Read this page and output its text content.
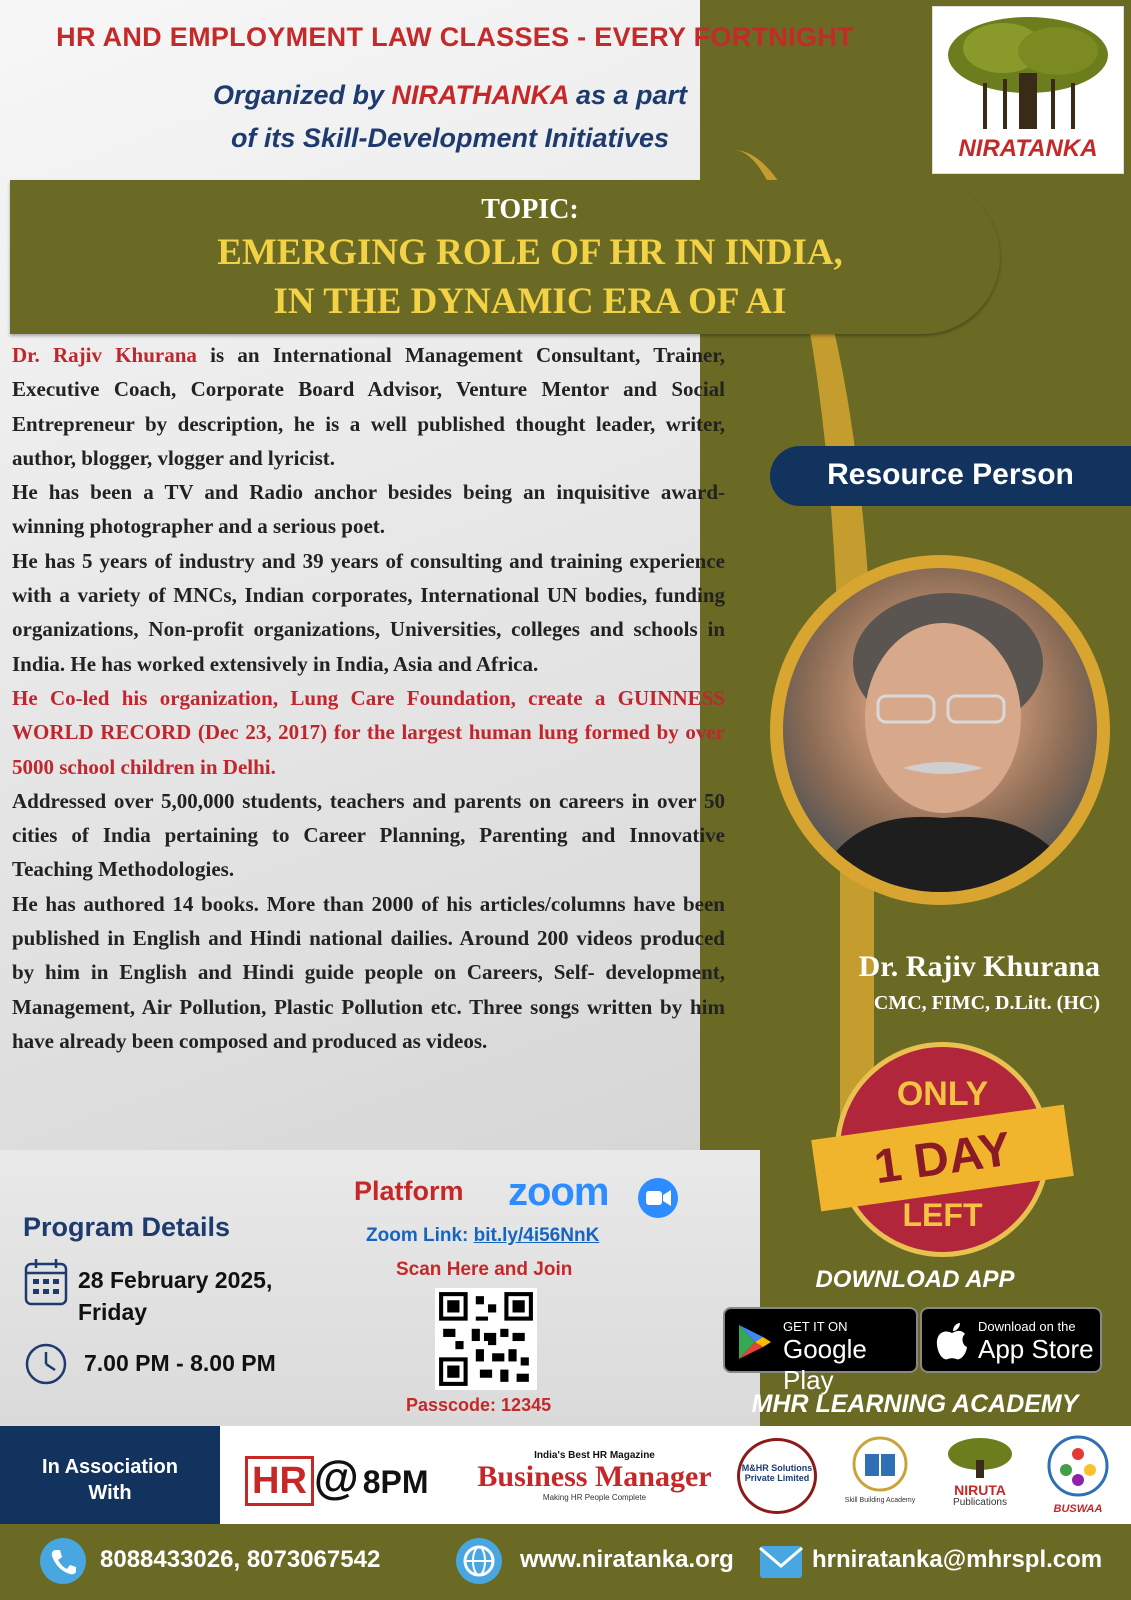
HR AND EMPLOYMENT LAW CLASSES - EVERY FORTNIGHT
Organized by NIRATHANKA as a part
of its Skill-Development Initiatives	NIRATANKA
TOPIC:
EMERGING ROLE OF HR IN INDIA,
IN THE DYNAMIC ERA OF AI

Dr. Rajiv Khurana is an International Management Consultant, Trainer, Executive Coach, Corporate Board Advisor, Venture Mentor and Social Entrepreneur by description, he is a well published thought leader, writer, author, blogger, vlogger and lyricist.

He has been a TV and Radio anchor besides being an inquisitive award-winning photographer and a serious poet.

He has 5 years of industry and 39 years of consulting and training experience with a variety of MNCs, Indian corporates, International UN bodies, funding organizations, Non-profit organizations, Universities, colleges and schools in India. He has worked extensively in India, Asia and Africa.

He Co-led his organization, Lung Care Foundation, create a GUINNESS WORLD RECORD (Dec 23, 2017) for the largest human lung formed by over 5000 school children in Delhi.

Addressed over 5,00,000 students, teachers and parents on careers in over 50 cities of India pertaining to Career Planning, Parenting and Innovative Teaching Methodologies.

He has authored 14 books. More than 2000 of his articles/columns have been published in English and Hindi national dailies. Around 200 videos produced by him in English and Hindi guide people on Careers, Self- development, Management, Air Pollution, Plastic Pollution etc. Three songs written by him have already been composed and produced as videos.

Resource Person
Dr. Rajiv Khurana
CMC, FIMC, D.Litt. (HC)
ONLY
1 DAY
LEFT
DOWNLOAD APP
GET IT ON
Google Play
Download on the
App Store
MHR LEARNING ACADEMY
Platform zoom
Zoom Link: bit.ly/4i56NnK
Scan Here and Join
Passcode: 12345
Program Details
28 February 2025,
Friday
7.00 PM - 8.00 PM
In Association
With	HR @ 8PM
India's Best HR Magazine
Business Manager
Making HR People Complete
M&HR Solutions
Private Limited
Skill Building Academy
NIRUTA
Publications
BUSWAA
8088433026, 8073067542	www.niratanka.org	hrniratanka@mhrspl.com
